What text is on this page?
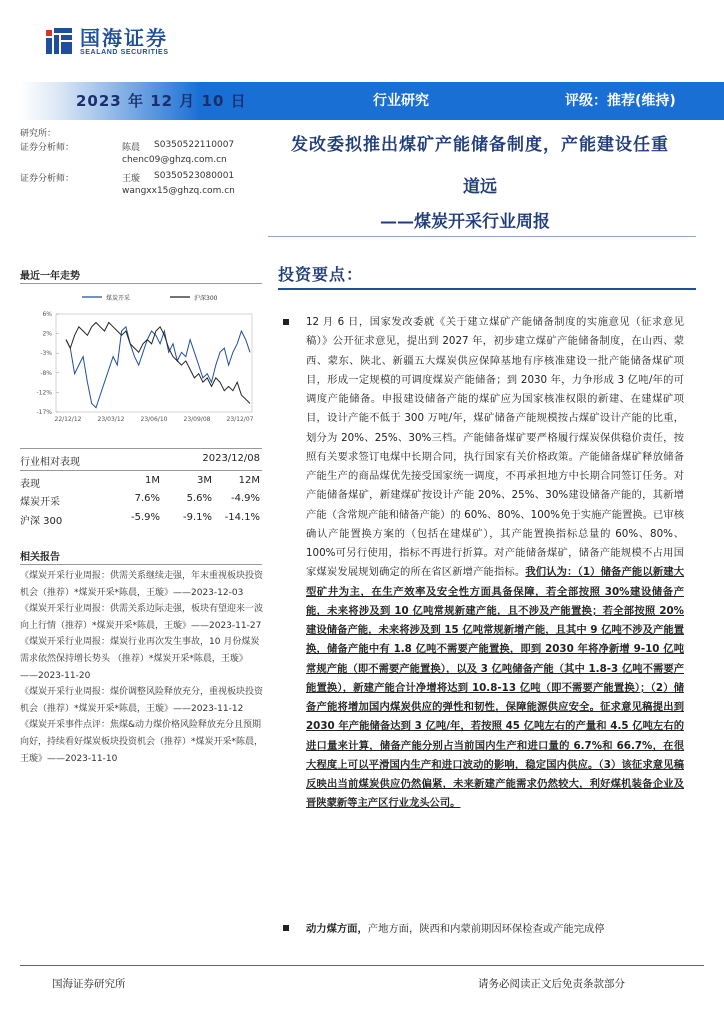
国海证券
SEALAND SECURITIES
2023 年 12 月 10 日	行业研究	评级：推荐(维持)
研究所：
证券分析师：	陈晨 S0350522110007
chenc09@ghzq.com.cn
证券分析师：	王璇 S0350523080001
wangxx15@ghzq.com.cn
发改委拟推出煤矿产能储备制度，产能建设任重
道远
——煤炭开采行业周报
最近一年走势
煤炭开采	沪深300
6%
2%
-3%
-8%
-12%
-17%
22/12/12	23/03/12	23/06/10	23/09/08	23/12/07
行业相对表现	2023/12/08
表现	1M	3M	12M
煤炭开采	7.6%	5.6%	-4.9%
沪深 300	-5.9%	-9.1%	-14.1%
相关报告
《煤炭开采行业周报：供需关系继续走强，年末重视板块投资机会（推荐）*煤炭开采*陈晨，王璇》——2023-12-03
《煤炭开采行业周报：供需关系边际走强，板块有望迎来一波向上行情（推荐）*煤炭开采*陈晨，王璇》——2023-11-27
《煤炭开采行业周报：煤炭行业再次发生事故，10 月份煤炭需求依然保持增长势头 （推荐）*煤炭开采*陈晨，王璇》——2023-11-20
《煤炭开采行业周报：煤价调整风险释放充分，重视板块投资机会（推荐）*煤炭开采*陈晨，王璇》——2023-11-12
《煤炭开采事件点评：焦煤&动力煤价格风险释放充分且预期向好，持续看好煤炭板块投资机会（推荐）*煤炭开采*陈晨，王璇》——2023-11-10
投资要点：
12 月 6 日，国家发改委就《关于建立煤矿产能储备制度的实施意见（征求意见稿）》公开征求意见，提出到 2027 年，初步建立煤矿产能储备制度，在山西、蒙西、蒙东、陕北、新疆五大煤炭供应保障基地有序核准建设一批产能储备煤矿项目，形成一定规模的可调度煤炭产能储备；到 2030 年，力争形成 3 亿吨/年的可调度产能储备。申报建设储备产能的煤矿应为国家核准权限的新建、在建煤矿项目，设计产能不低于 300 万吨/年，煤矿储备产能规模按占煤矿设计产能的比重，划分为 20%、25%、30%三档。产能储备煤矿要严格履行煤炭保供稳价责任，按照有关要求签订电煤中长期合同，执行国家有关价格政策。产能储备煤矿释放储备产能生产的商品煤优先接受国家统一调度，不再承担地方中长期合同签订任务。对产能储备煤矿，新建煤矿按设计产能 20%、25%、30%建设储备产能的，其新增产能（含常规产能和储备产能）的 60%、80%、100%免于实施产能置换。已审核确认产能置换方案的（包括在建煤矿），其产能置换指标总量的 60%、80%、100%可另行使用，指标不再进行折算。对产能储备煤矿，储备产能规模不占用国家煤炭发展规划确定的所在省区新增产能指标。我们认为：（1）储备产能以新建大型矿井为主，在生产效率及安全性方面具备保障，若全部按照 30%建设储备产能，未来将涉及到 10 亿吨常规新建产能，且不涉及产能置换；若全部按照 20%建设储备产能，未来将涉及到 15 亿吨常规新增产能，且其中 9 亿吨不涉及产能置换，储备产能中有 1.8 亿吨不需要产能置换，即到 2030 年将净新增 9-10 亿吨常规产能（即不需要产能置换），以及 3 亿吨储备产能（其中 1.8-3 亿吨不需要产能置换），新建产能合计净增将达到 10.8-13 亿吨（即不需要产能置换）；（2）储备产能将增加国内煤炭供应的弹性和韧性，保障能源供应安全。征求意见稿提出到 2030 年产能储备达到 3 亿吨/年，若按照 45 亿吨左右的产量和 4.5 亿吨左右的进口量来计算，储备产能分别占当前国内生产和进口量的 6.7%和 66.7%，在很大程度上可以平滑国内生产和进口波动的影响，稳定国内供应。（3）该征求意见稿反映出当前煤炭供应仍然偏紧，未来新建产能需求仍然较大，利好煤机装备企业及晋陕蒙新等主产区行业龙头公司。
动力煤方面，产地方面，陕西和内蒙前期因环保检查或产能完成停
国海证券研究所	请务必阅读正文后免责条款部分
